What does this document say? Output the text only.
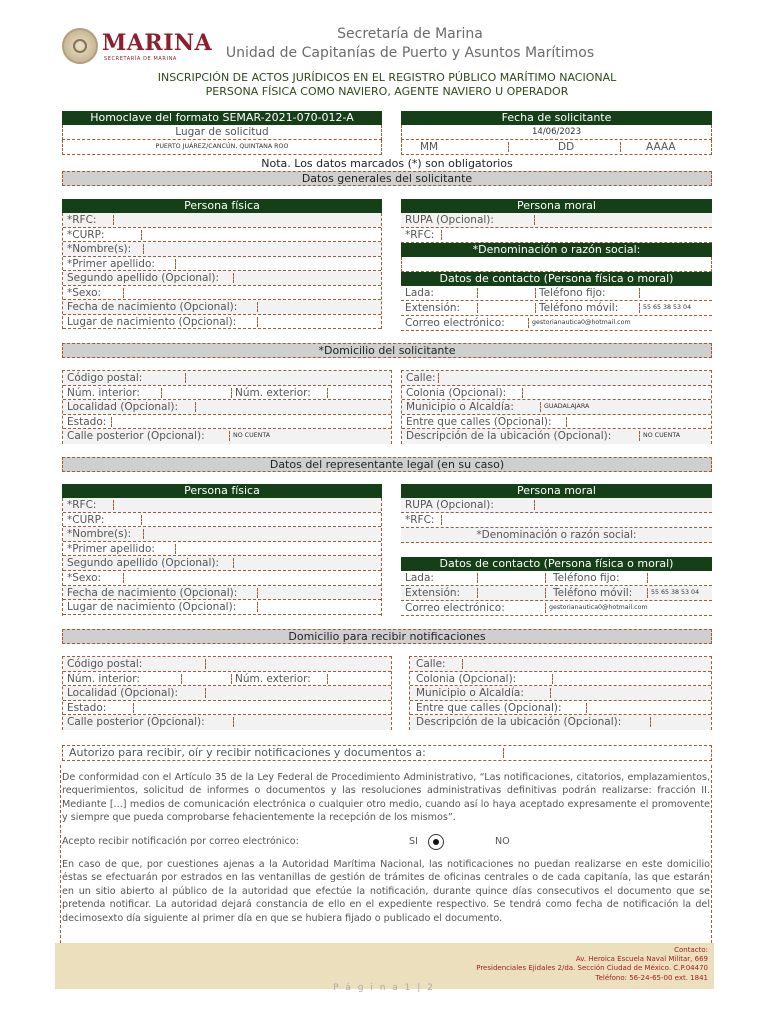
MARINA
SECRETARÍA DE MARINA
Secretaría de Marina
Unidad de Capitanías de Puerto y Asuntos Marítimos
INSCRIPCIÓN DE ACTOS JURÍDICOS EN EL REGISTRO PÚBLICO MARÍTIMO NACIONAL
PERSONA FÍSICA COMO NAVIERO, AGENTE NAVIERO U OPERADOR
Homoclave del formato SEMAR-2021-070-012-A
Lugar de solicitud
PUERTO JUÁREZ/CANCÚN, QUINTANA ROO
Fecha de solicitante
14/06/2023
MM	DD	AAAA
Nota. Los datos marcados (*) son obligatorios
Datos generales del solicitante
Persona física
*RFC:
*CURP:
*Nombre(s):
*Primer apellido:
Segundo apellido (Opcional):
*Sexo:
Fecha de nacimiento (Opcional):
Lugar de nacimiento (Opcional):
Persona moral
RUPA (Opcional):
*RFC:
*Denominación o razón social:
Datos de contacto (Persona física o moral)
Lada:	Teléfono fijo:
Extensión:	Teléfono móvil:	55 65 38 53 04
Correo electrónico:	gestorianautica0@hotmail.com
*Domicilio del solicitante
Código postal:
Núm. interior:	Núm. exterior:
Localidad (Opcional):
Estado:
Calle posterior (Opcional):	NO CUENTA
Calle:
Colonia (Opcional):
Municipio o Alcaldía:	GUADALAJARA
Entre que calles (Opcional):
Descripción de la ubicación (Opcional):	NO CUENTA
Datos del representante legal (en su caso)
Persona física
*RFC:
*CURP:
*Nombre(s):
*Primer apellido:
Segundo apellido (Opcional):
*Sexo:
Fecha de nacimiento (Opcional):
Lugar de nacimiento (Opcional):
Persona moral
RUPA (Opcional):
*RFC:
*Denominación o razón social:
Datos de contacto (Persona física o moral)
Lada:	Teléfono fijo:
Extensión:	Teléfono móvil:	55 65 38 53 04
Correo electrónico:	gestorianautica0@hotmail.com
Domicilio para recibir notificaciones
Código postal:
Núm. interior:	Núm. exterior:
Localidad (Opcional):
Estado:
Calle posterior (Opcional):
Calle:
Colonia (Opcional):
Municipio o Alcaldía:
Entre que calles (Opcional):
Descripción de la ubicación (Opcional):
Autorizo para recibir, oír y recibir notificaciones y documentos a:
De conformidad con el Artículo 35 de la Ley Federal de Procedimiento Administrativo, “Las notificaciones, citatorios, emplazamientos, requerimientos, solicitud de informes o documentos y las resoluciones administrativas definitivas podrán realizarse: fracción II. Mediante [...] medios de comunicación electrónica o cualquier otro medio, cuando así lo haya aceptado expresamente el promovente y siempre que pueda comprobarse fehacientemente la recepción de los mismos”.
Acepto recibir notificación por correo electrónico:	SI	NO
En caso de que, por cuestiones ajenas a la Autoridad Marítima Nacional, las notificaciones no puedan realizarse en este domicilio éstas se efectuarán por estrados en las ventanillas de gestión de trámites de oficinas centrales o de cada capitanía, las que estarán en un sitio abierto al público de la autoridad que efectúe la notificación, durante quince días consecutivos el documento que se pretenda notificar. La autoridad dejará constancia de ello en el expediente respectivo. Se tendrá como fecha de notificación la del decimosexto día siguiente al primer día en que se hubiera fijado o publicado el documento.
Contacto:
Av. Heroica Escuela Naval Militar, 669
Presidenciales Ejidales 2/da. Sección Ciudad de México. C.P.04470
Teléfono: 56-24-65-00 ext. 1841
P á g i n a 1 | 2
